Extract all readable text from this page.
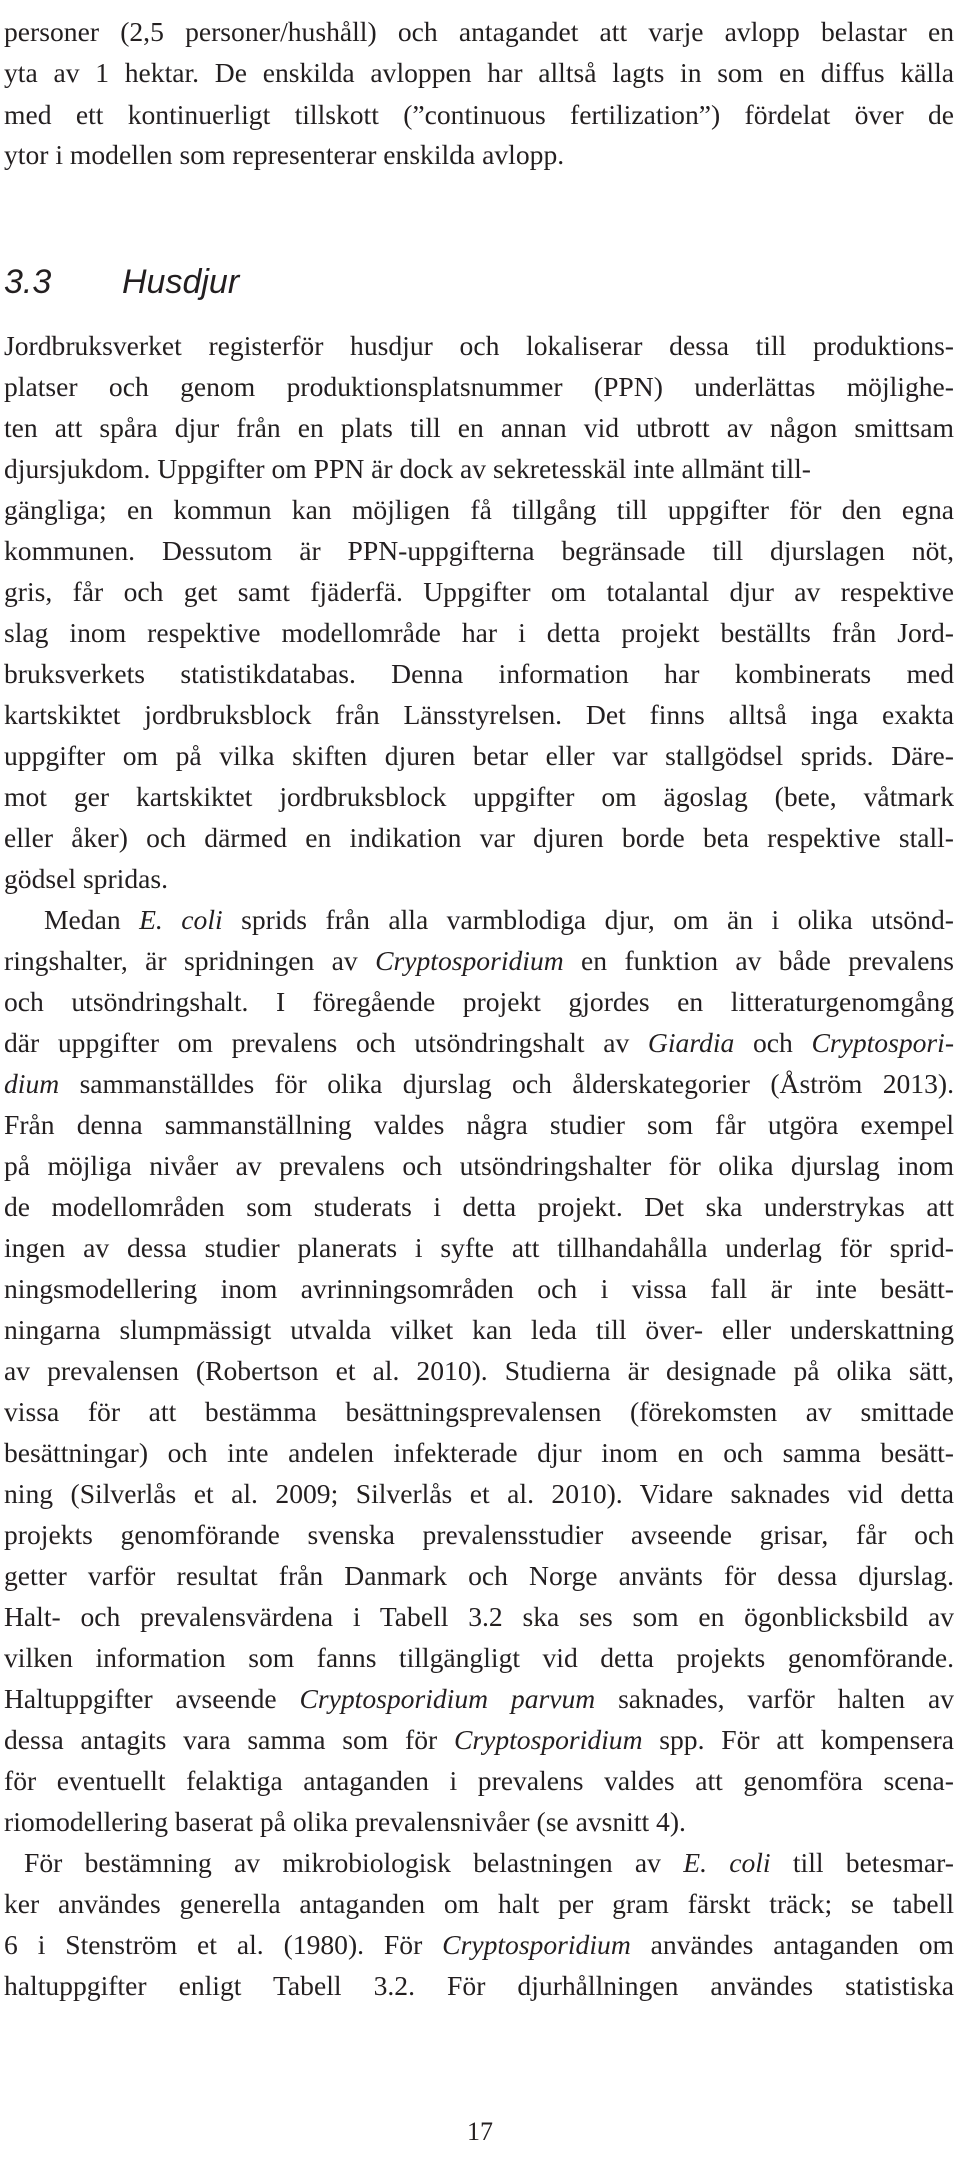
personer (2,5 personer/hushåll) och antagandet att varje avlopp belastar en
yta av 1 hektar. De enskilda avloppen har alltså lagts in som en diffus källa
med ett kontinuerligt tillskott (”continuous fertilization”) fördelat över de
ytor i modellen som representerar enskilda avlopp.
3.3 Husdjur
Jordbruksverket registerför husdjur och lokaliserar dessa till produktions-
platser och genom produktionsplatsnummer (PPN) underlättas möjlighe-
ten att spåra djur från en plats till en annan vid utbrott av någon smittsam
djursjukdom. Uppgifter om PPN är dock av sekretesskäl inte allmänt till-
gängliga; en kommun kan möjligen få tillgång till uppgifter för den egna
kommunen. Dessutom är PPN-uppgifterna begränsade till djurslagen nöt,
gris, får och get samt fjäderfä. Uppgifter om totalantal djur av respektive
slag inom respektive modellområde har i detta projekt beställts från Jord-
bruksverkets statistikdatabas. Denna information har kombinerats med
kartskiktet jordbruksblock från Länsstyrelsen. Det finns alltså inga exakta
uppgifter om på vilka skiften djuren betar eller var stallgödsel sprids. Däre-
mot ger kartskiktet jordbruksblock uppgifter om ägoslag (bete, våtmark
eller åker) och därmed en indikation var djuren borde beta respektive stall-
gödsel spridas.
Medan E. coli sprids från alla varmblodiga djur, om än i olika utsönd-
ringshalter, är spridningen av Cryptosporidium en funktion av både prevalens
och utsöndringshalt. I föregående projekt gjordes en litteraturgenomgång
där uppgifter om prevalens och utsöndringshalt av Giardia och Cryptospori-
dium sammanställdes för olika djurslag och ålderskategorier (Åström 2013).
Från denna sammanställning valdes några studier som får utgöra exempel
på möjliga nivåer av prevalens och utsöndringshalter för olika djurslag inom
de modellområden som studerats i detta projekt. Det ska understrykas att
ingen av dessa studier planerats i syfte att tillhandahålla underlag för sprid-
ningsmodellering inom avrinningsområden och i vissa fall är inte besätt-
ningarna slumpmässigt utvalda vilket kan leda till över- eller underskattning
av prevalensen (Robertson et al. 2010). Studierna är designade på olika sätt,
vissa för att bestämma besättningsprevalensen (förekomsten av smittade
besättningar) och inte andelen infekterade djur inom en och samma besätt-
ning (Silverlås et al. 2009; Silverlås et al. 2010). Vidare saknades vid detta
projekts genomförande svenska prevalensstudier avseende grisar, får och
getter varför resultat från Danmark och Norge använts för dessa djurslag.
Halt- och prevalensvärdena i Tabell 3.2 ska ses som en ögonblicksbild av
vilken information som fanns tillgängligt vid detta projekts genomförande.
Haltuppgifter avseende Cryptosporidium parvum saknades, varför halten av
dessa antagits vara samma som för Cryptosporidium spp. För att kompensera
för eventuellt felaktiga antaganden i prevalens valdes att genomföra scena-
riomodellering baserat på olika prevalensnivåer (se avsnitt 4).
För bestämning av mikrobiologisk belastningen av E. coli till betesmar-
ker användes generella antaganden om halt per gram färskt träck; se tabell
6 i Stenström et al. (1980). För Cryptosporidium användes antaganden om
haltuppgifter enligt Tabell 3.2. För djurhållningen användes statistiska
17
